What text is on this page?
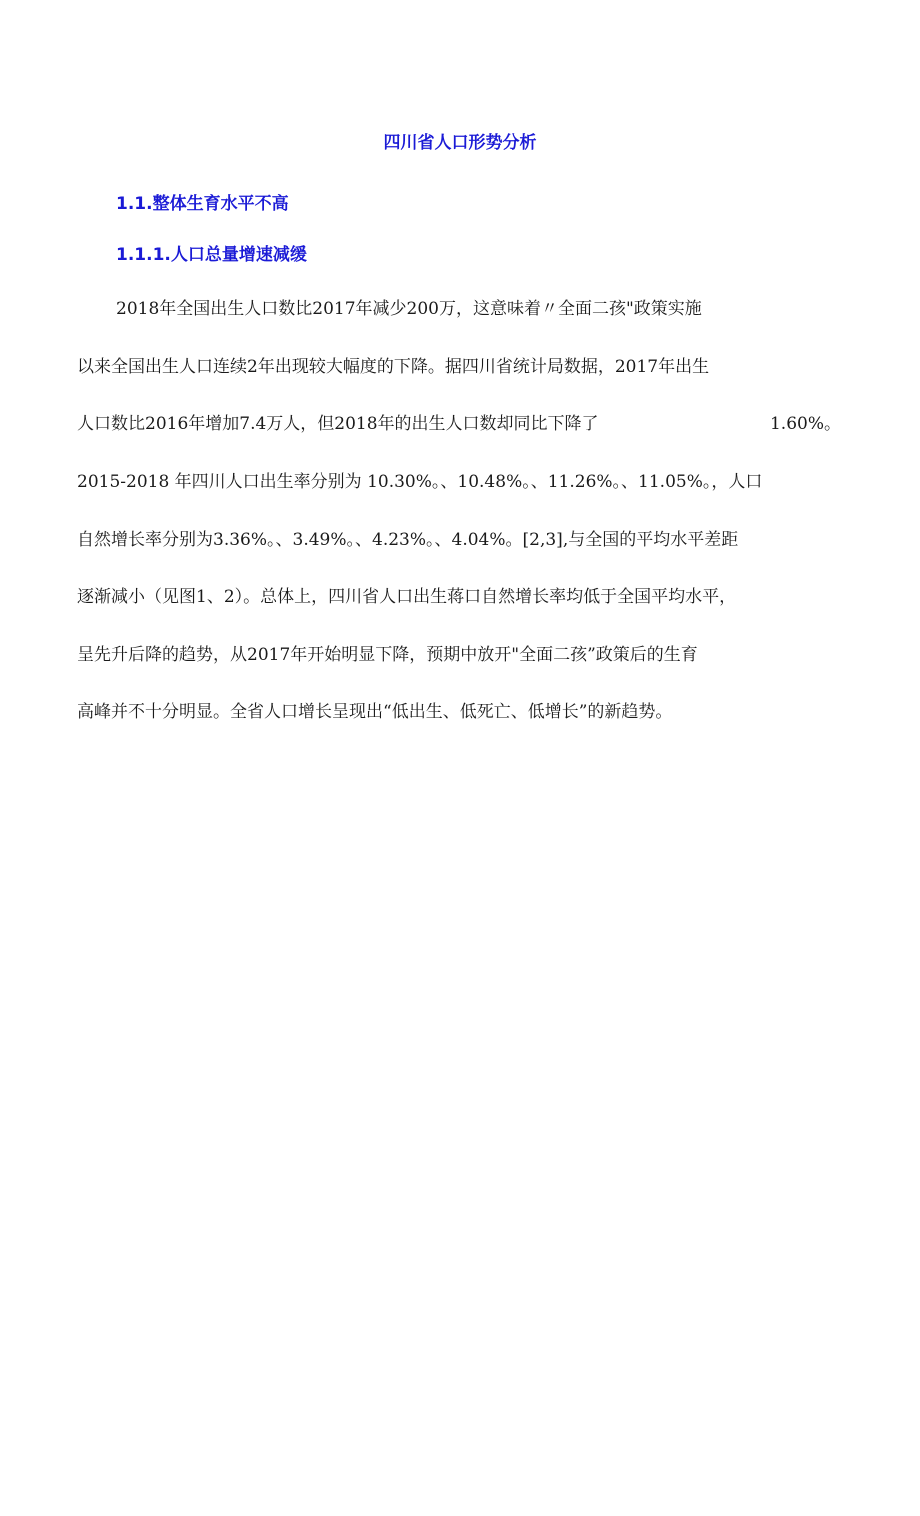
四川省人口形势分析
1.1.整体生育水平不高
1.1.1.人口总量增速减缓
2018年全国出生人口数比2017年减少200万，这意味着〃全面二孩"政策实施
以来全国出生人口连续2年出现较大幅度的下降。据四川省统计局数据，2017年出生
人口数比2016年增加7.4万人，但2018年的出生人口数却同比下降了	1.60%。
2015-2018 年四川人口出生率分别为 10.30%。、10.48%。、11.26%。、11.05%。，人口
自然增长率分别为3.36%。、3.49%。、4.23%。、4.04%。[2,3],与全国的平均水平差距
逐渐减小（见图1、2）。总体上，四川省人口出生蒋口自然增长率均低于全国平均水平，
呈先升后降的趋势，从2017年开始明显下降，预期中放开"全面二孩”政策后的生育
高峰并不十分明显。全省人口增长呈现出“低出生、低死亡、低增长”的新趋势。
